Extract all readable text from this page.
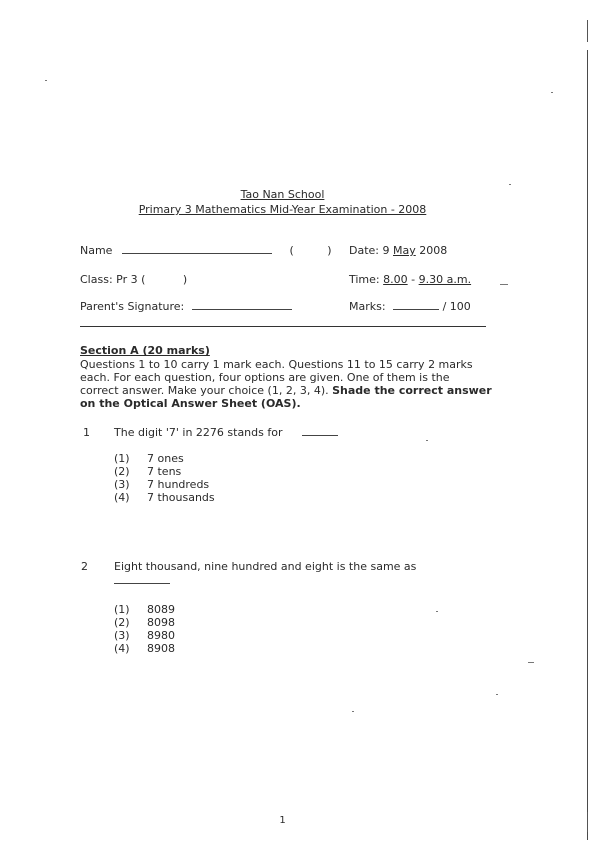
Tao Nan School
Primary 3 Mathematics Mid-Year Examination - 2008
Name	(	) Date: 9 May 2008
Class: Pr 3 (	)	Time: 8.00 - 9.30 a.m.
Parent's Signature:	Marks:	/ 100
Section A (20 marks)
Questions 1 to 10 carry 1 mark each. Questions 11 to 15 carry 2 marks
each. For each question, four options are given. One of them is the
correct answer. Make your choice (1, 2, 3, 4). Shade the correct answer
on the Optical Answer Sheet (OAS).
1 The digit '7' in 2276 stands for
(1) 7 ones
(2) 7 tens
(3) 7 hundreds
(4) 7 thousands
2 Eight thousand, nine hundred and eight is the same as
(1) 8089
(2) 8098
(3) 8980
(4) 8908
1
